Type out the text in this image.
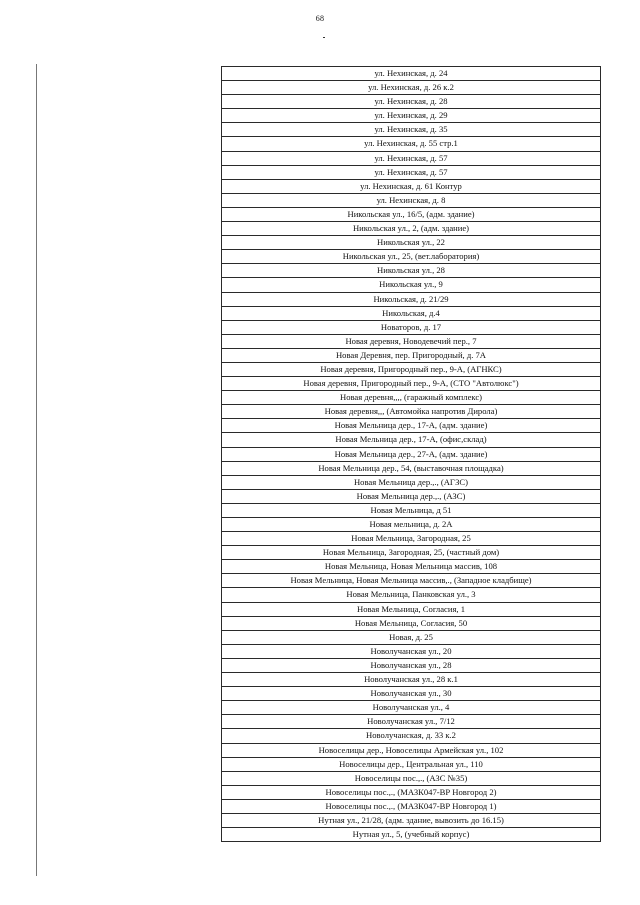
68
ул. Нехинская, д. 24
ул. Нехинская, д. 26 к.2
ул. Нехинская, д. 28
ул. Нехинская, д. 29
ул. Нехинская, д. 35
ул. Нехинская, д. 55 стр.1
ул. Нехинская, д. 57
ул. Нехинская, д. 57
ул. Нехинская, д. 61 Контур
ул. Нехинская, д. 8
Никольская ул., 16/5, (адм. здание)
Никольская ул., 2, (адм. здание)
Никольская ул., 22
Никольская ул., 25, (вет.лаборатория)
Никольская ул., 28
Никольская ул., 9
Никольская, д. 21/29
Никольская, д.4
Новаторов, д. 17
Новая деревня, Новодевечий пер., 7
Новая Деревня, пер. Пригородный, д. 7А
Новая деревня, Пригородный пер., 9-А, (АГНКС)
Новая деревня, Пригородный пер., 9-А, (СТО "Автолюкс")
Новая деревня,,,, (гаражный комплекс)
Новая деревня,,, (Автомойка напротив Дирола)
Новая Мельница дер., 17-А, (адм. здание)
Новая Мельница дер., 17-А, (офис,склад)
Новая Мельница дер., 27-А, (адм. здание)
Новая Мельница дер., 54, (выставочная площадка)
Новая Мельница дер.,., (АГЗС)
Новая Мельница дер.,., (АЗС)
Новая Мельница, д 51
Новая мельница, д. 2А
Новая Мельница, Загородная, 25
Новая Мельница, Загородная, 25, (частный дом)
Новая Мельница, Новая Мельница массив, 108
Новая Мельница, Новая Мельница массив,., (Западное кладбище)
Новая Мельница, Панковская ул., 3
Новая Мельница, Согласия, 1
Новая Мельница, Согласия, 50
Новая, д. 25
Новолучанская ул., 20
Новолучанская ул., 28
Новолучанская ул., 28 к.1
Новолучанская ул., 30
Новолучанская ул., 4
Новолучанская ул., 7/12
Новолучанская, д. 33 к.2
Новоселицы дер., Новоселицы Армейская ул., 102
Новоселицы дер., Центральная ул., 110
Новоселицы пос.,., (АЗС №35)
Новоселицы пос.,., (МАЗК047-ВР Новгород 2)
Новоселицы пос.,., (МАЗК047-ВР Новгород 1)
Нутная ул., 21/28, (адм. здание, вывозить до 16.15)
Нутная ул., 5, (учебный корпус)
